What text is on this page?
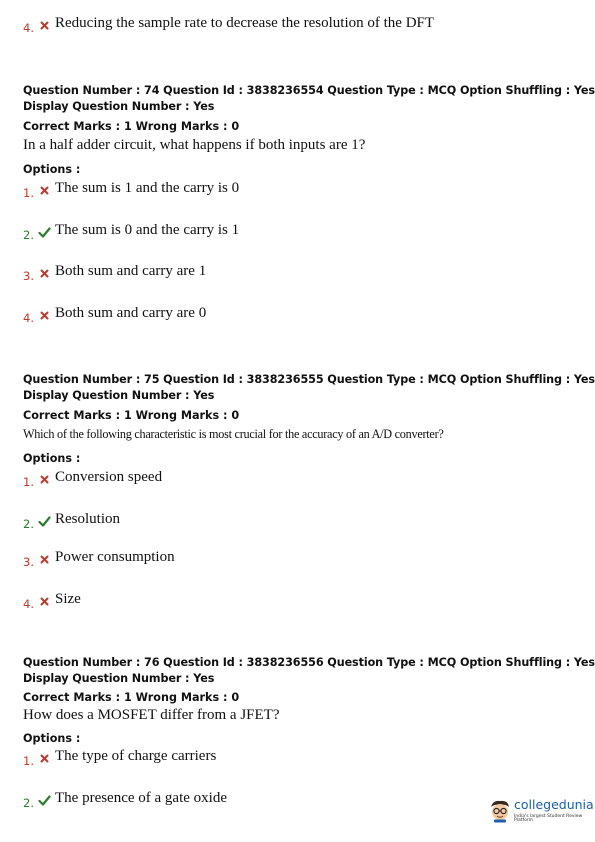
4. Reducing the sample rate to decrease the resolution of the DFT
Question Number : 74 Question Id : 3838236554 Question Type : MCQ Option Shuffling : Yes
Display Question Number : Yes
Correct Marks : 1 Wrong Marks : 0
In a half adder circuit, what happens if both inputs are 1?
Options :
1. The sum is 1 and the carry is 0
2. The sum is 0 and the carry is 1
3. Both sum and carry are 1
4. Both sum and carry are 0
Question Number : 75 Question Id : 3838236555 Question Type : MCQ Option Shuffling : Yes
Display Question Number : Yes
Correct Marks : 1 Wrong Marks : 0
Which of the following characteristic is most crucial for the accuracy of an A/D converter?
Options :
1. Conversion speed
2. Resolution
3. Power consumption
4. Size
Question Number : 76 Question Id : 3838236556 Question Type : MCQ Option Shuffling : Yes
Display Question Number : Yes
Correct Marks : 1 Wrong Marks : 0
How does a MOSFET differ from a JFET?
Options :
1. The type of charge carriers
2. The presence of a gate oxide	collegedunia
India's largest Student Review Platform
